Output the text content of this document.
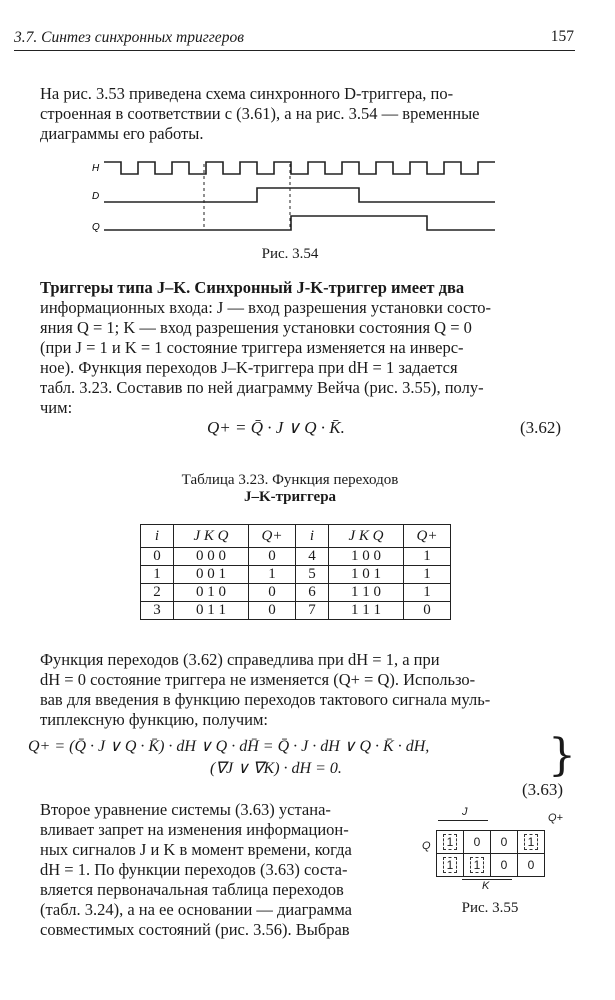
3.7. Синтез синхронных триггеров	157
На рис. 3.53 приведена схема синхронного D-триггера, по-
строенная в соответствии с (3.61), а на рис. 3.54 — временные
диаграммы его работы.
H
D
Q
Рис. 3.54
Триггеры типа J–K. Синхронный J-K-триггер имеет два
информационных входа: J — вход разрешения установки состо-
яния Q = 1; K — вход разрешения установки состояния Q = 0
(при J = 1 и K = 1 состояние триггера изменяется на инверс-
ное). Функция переходов J–K-триггера при dH = 1 задается
табл. 3.23. Составив по ней диаграмму Вейча (рис. 3.55), полу-
чим:
Q+ = Q̄ · J ∨ Q · K̄.	(3.62)
Таблица 3.23. Функция переходов
J–K-триггера
i	J K Q	Q+	i	J K Q	Q+
0	0 0 0	0	4	1 0 0	1
1	0 0 1	1	5	1 0 1	1
2	0 1 0	0	6	1 1 0	1
3	0 1 1	0	7	1 1 1	0
Функция переходов (3.62) справедлива при dH = 1, а при
dH = 0 состояние триггера не изменяется (Q+ = Q). Использо-
вав для введения в функцию переходов тактового сигнала муль-
типлексную функцию, получим:
Q+ = (Q̄ · J ∨ Q · K̄) · dH ∨ Q · dH̄ = Q̄ · J · dH ∨ Q · K̄ · dH,
(∇J ∨ ∇K) · dH = 0.	}
(3.63)
Второе уравнение системы (3.63) устана-
вливает запрет на изменения информацион-
ных сигналов J и K в момент времени, когда
dH = 1. По функции переходов (3.63) соста-
вляется первоначальная таблица переходов
(табл. 3.24), а на ее основании — диаграмма
совместимых состояний (рис. 3.56). Выбрав
J	Q+
Q 1	0	0	1
1	1	0	0
K
Рис. 3.55
